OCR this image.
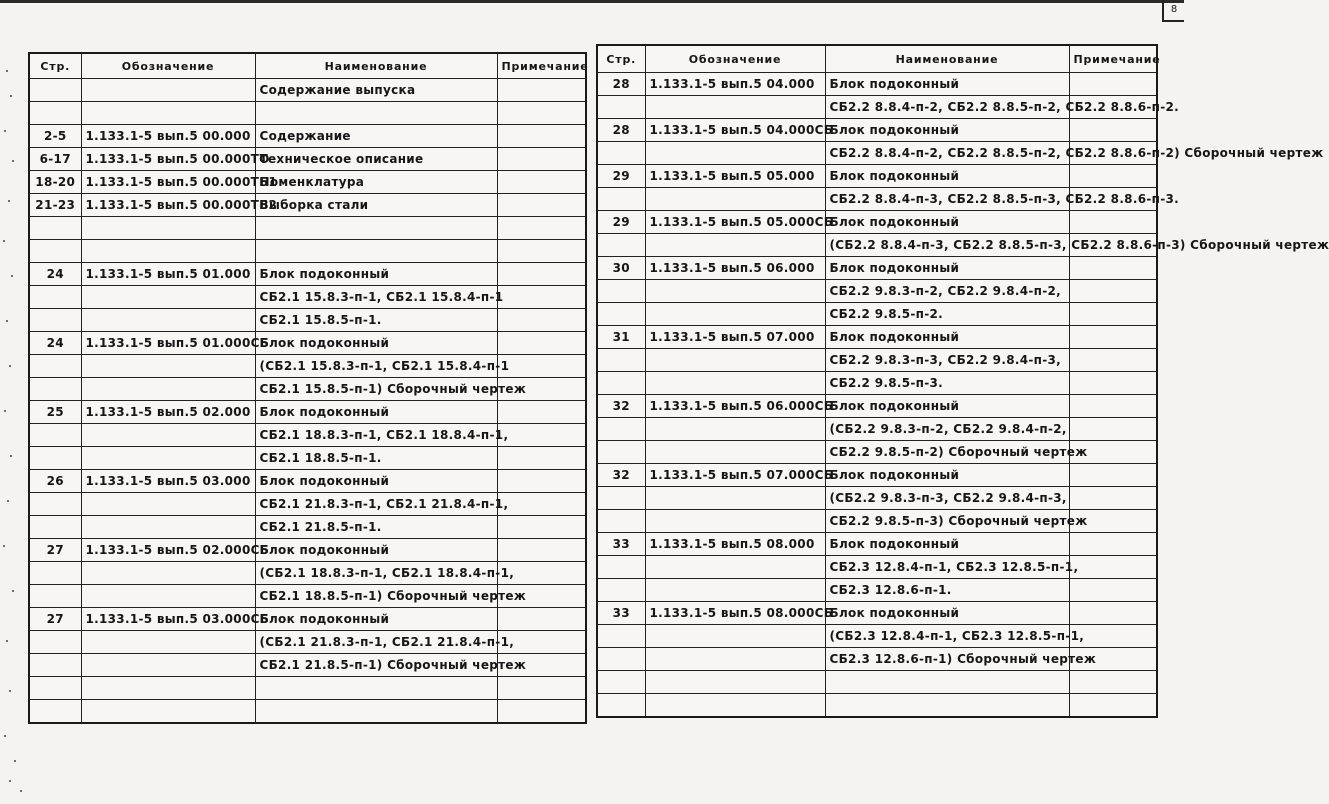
8
Стр.	Обозначение	Наименование	Примечание
		Содержание выпуска	

2-5	1.133.1-5 вып.5 00.000	Содержание	
6-17	1.133.1-5 вып.5 00.000ТО	Техническое описание	
18-20	1.133.1-5 вып.5 00.000ТБ1	Номенклатура	
21-23	1.133.1-5 вып.5 00.000ТБ2	Выборка стали	

24	1.133.1-5 вып.5 01.000	Блок подоконный	
		СБ2.1 15.8.3-п-1, СБ2.1 15.8.4-п-1	
		СБ2.1 15.8.5-п-1.	
24	1.133.1-5 вып.5 01.000СБ	Блок подоконный	
		(СБ2.1 15.8.3-п-1, СБ2.1 15.8.4-п-1	
		СБ2.1 15.8.5-п-1) Сборочный чертеж	
25	1.133.1-5 вып.5 02.000	Блок подоконный	
		СБ2.1 18.8.3-п-1, СБ2.1 18.8.4-п-1,	
		СБ2.1 18.8.5-п-1.	
26	1.133.1-5 вып.5 03.000	Блок подоконный	
		СБ2.1 21.8.3-п-1, СБ2.1 21.8.4-п-1,	
		СБ2.1 21.8.5-п-1.	
27	1.133.1-5 вып.5 02.000СБ	Блок подоконный	
		(СБ2.1 18.8.3-п-1, СБ2.1 18.8.4-п-1,	
		СБ2.1 18.8.5-п-1) Сборочный чертеж	
27	1.133.1-5 вып.5 03.000СБ	Блок подоконный	
		(СБ2.1 21.8.3-п-1, СБ2.1 21.8.4-п-1,	
		СБ2.1 21.8.5-п-1) Сборочный чертеж	

Стр.	Обозначение	Наименование	Примечание
28	1.133.1-5 вып.5 04.000	Блок подоконный	
		СБ2.2 8.8.4-п-2, СБ2.2 8.8.5-п-2, СБ2.2 8.8.6-п-2.	
28	1.133.1-5 вып.5 04.000СБ	Блок подоконный	
		СБ2.2 8.8.4-п-2, СБ2.2 8.8.5-п-2, СБ2.2 8.8.6-п-2) Сборочный чертеж	
29	1.133.1-5 вып.5 05.000	Блок подоконный	
		СБ2.2 8.8.4-п-3, СБ2.2 8.8.5-п-3, СБ2.2 8.8.6-п-3.	
29	1.133.1-5 вып.5 05.000СБ	Блок подоконный	
		(СБ2.2 8.8.4-п-3, СБ2.2 8.8.5-п-3, СБ2.2 8.8.6-п-3) Сборочный чертеж	
30	1.133.1-5 вып.5 06.000	Блок подоконный	
		СБ2.2 9.8.3-п-2, СБ2.2 9.8.4-п-2,	
		СБ2.2 9.8.5-п-2.	
31	1.133.1-5 вып.5 07.000	Блок подоконный	
		СБ2.2 9.8.3-п-3, СБ2.2 9.8.4-п-3,	
		СБ2.2 9.8.5-п-3.	
32	1.133.1-5 вып.5 06.000СБ	Блок подоконный	
		(СБ2.2 9.8.3-п-2, СБ2.2 9.8.4-п-2,	
		СБ2.2 9.8.5-п-2) Сборочный чертеж	
32	1.133.1-5 вып.5 07.000СБ	Блок подоконный	
		(СБ2.2 9.8.3-п-3, СБ2.2 9.8.4-п-3,	
		СБ2.2 9.8.5-п-3) Сборочный чертеж	
33	1.133.1-5 вып.5 08.000	Блок подоконный	
		СБ2.3 12.8.4-п-1, СБ2.3 12.8.5-п-1,	
		СБ2.3 12.8.6-п-1.	
33	1.133.1-5 вып.5 08.000СБ	Блок подоконный	
		(СБ2.3 12.8.4-п-1, СБ2.3 12.8.5-п-1,	
		СБ2.3 12.8.6-п-1) Сборочный чертеж	
